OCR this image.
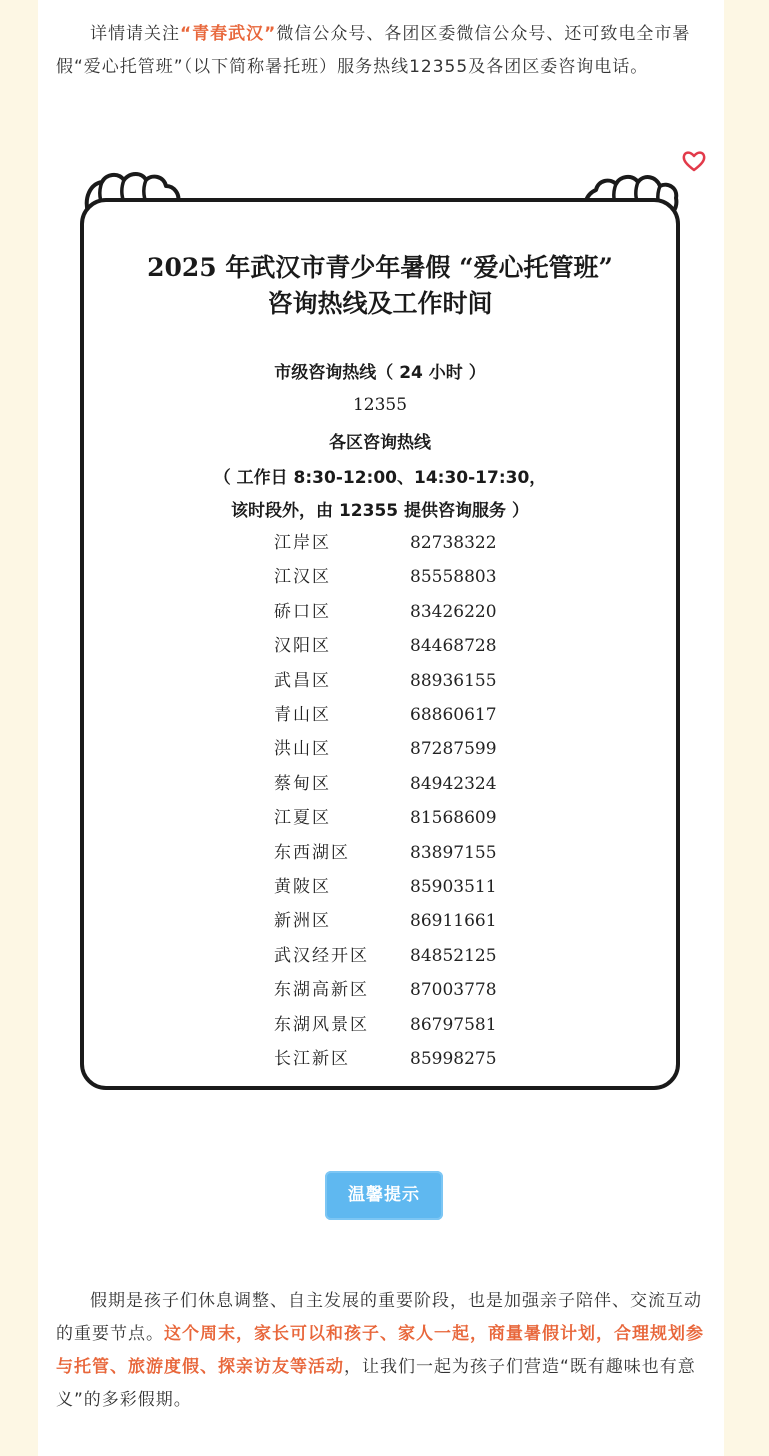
详情请关注“青春武汉”微信公众号、各团区委微信公众号、还可致电全市暑假“爱心托管班”（以下简称暑托班）服务热线12355及各团区委咨询电话。

2025 年武汉市青少年暑假 “爱心托管班”

咨询热线及工作时间

市级咨询热线（ 24 小时 ）

12355

各区咨询热线

（ 工作日 8:30-12:00、14:30-17:30，

该时段外，由 12355 提供咨询服务 ）

江岸区	82738322
江汉区	85558803
硚口区	83426220
汉阳区	84468728
武昌区	88936155
青山区	68860617
洪山区	87287599
蔡甸区	84942324
江夏区	81568609
东西湖区	83897155
黄陂区	85903511
新洲区	86911661
武汉经开区 84852125
东湖高新区 87003778
东湖风景区 86797581
长江新区	85998275
温馨提示

假期是孩子们休息调整、自主发展的重要阶段，也是加强亲子陪伴、交流互动的重要节点。这个周末，家长可以和孩子、家人一起，商量暑假计划，合理规划参与托管、旅游度假、探亲访友等活动，让我们一起为孩子们营造“既有趣味也有意义”的多彩假期。
